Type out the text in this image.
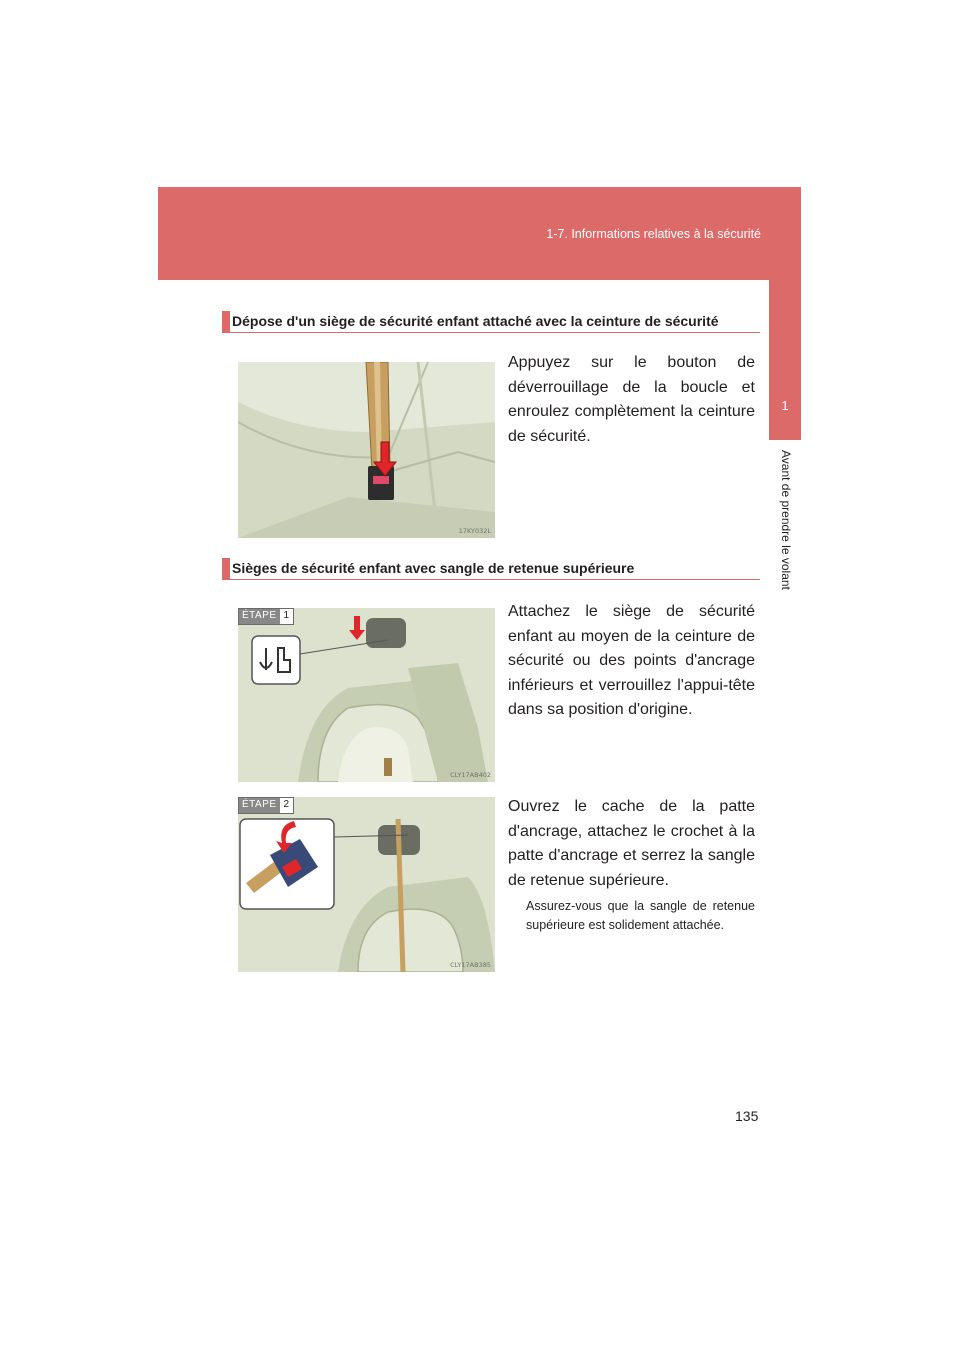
1-7. Informations relatives à la sécurité
1
Avant de prendre le volant
Dépose d'un siège de sécurité enfant attaché avec la ceinture de sécurité
17KY032L

Appuyez sur le bouton de déverrouillage de la boucle et enroulez complètement la ceinture de sécurité.

Sièges de sécurité enfant avec sangle de retenue supérieure
ÉTAPE 1
CLY17AB402

Attachez le siège de sécurité enfant au moyen de la ceinture de sécurité ou des points d'ancrage inférieurs et verrouillez l'appui-tête dans sa position d'origine.

ÉTAPE 2
CLY17AB385

Ouvrez le cache de la patte d'ancrage, attachez le crochet à la patte d'ancrage et serrez la sangle de retenue supérieure.

Assurez-vous que la sangle de retenue supérieure est solidement attachée.

135
